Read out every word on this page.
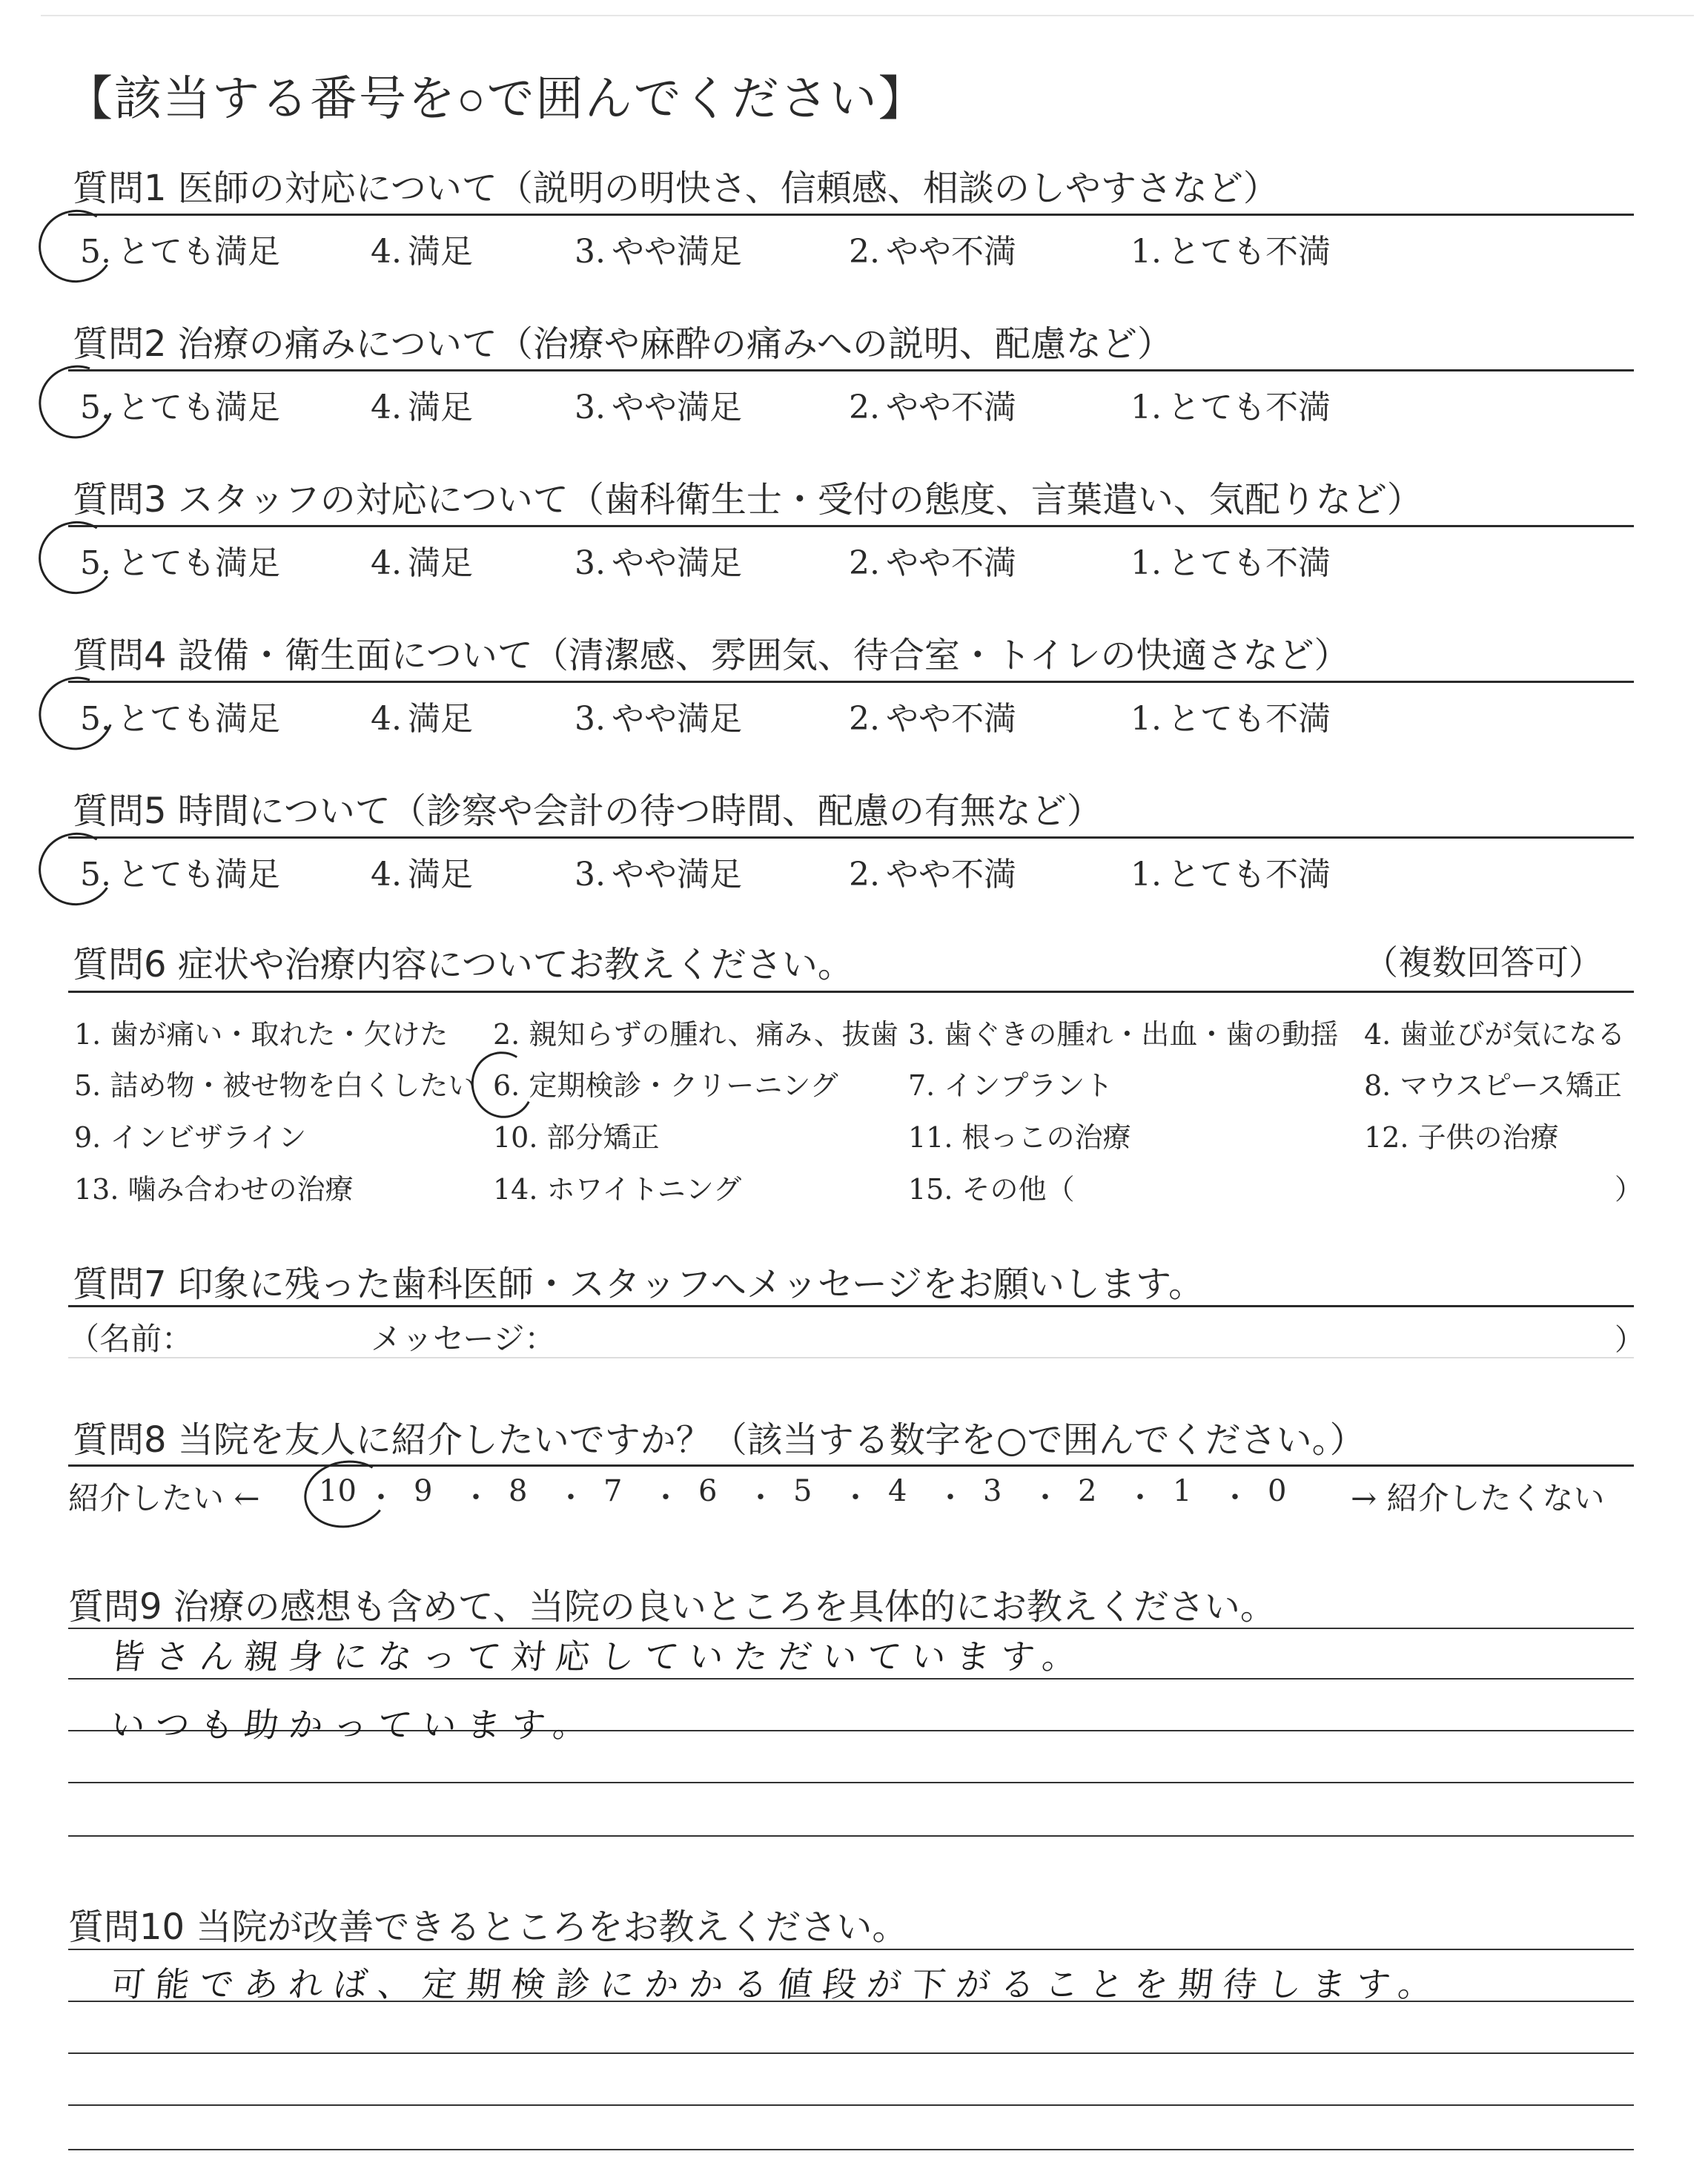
【該当する番号を○で囲んでください】
質問1 医師の対応について（説明の明快さ、信頼感、相談のしやすさなど）
5. とても満足	4. 満足	3. やや満足	2. やや不満	1. とても不満
質問2 治療の痛みについて（治療や麻酔の痛みへの説明、配慮など）
5. とても満足	4. 満足	3. やや満足	2. やや不満	1. とても不満
質問3 スタッフの対応について（歯科衛生士・受付の態度、言葉遣い、気配りなど）
5. とても満足	4. 満足	3. やや満足	2. やや不満	1. とても不満
質問4 設備・衛生面について（清潔感、雰囲気、待合室・トイレの快適さなど）
5. とても満足	4. 満足	3. やや満足	2. やや不満	1. とても不満
質問5 時間について（診察や会計の待つ時間、配慮の有無など）
5. とても満足	4. 満足	3. やや満足	2. やや不満	1. とても不満
質問6 症状や治療内容についてお教えください。	（複数回答可）
1. 歯が痛い・取れた・欠けた 2. 親知らずの腫れ、痛み、抜歯 3. 歯ぐきの腫れ・出血・歯の動揺 4. 歯並びが気になる
5. 詰め物・被せ物を白くしたい 6. 定期検診・クリーニング 7. インプラント	8. マウスピース矯正
9. インビザライン	10. 部分矯正	11. 根っこの治療	12. 子供の治療
13. 噛み合わせの治療	14. ホワイトニング	15. その他（	）
質問7 印象に残った歯科医師・スタッフへメッセージをお願いします。
（名前：	メッセージ：	）
質問8 当院を友人に紹介したいですか？（該当する数字を○で囲んでください。）
紹介したい ← 10 ・ 9 ・ 8 ・ 7 ・ 6 ・ 5 ・ 4 ・ 3 ・ 2 ・ 1 ・ 0 → 紹介したくない
質問9 治療の感想も含めて、当院の良いところを具体的にお教えください。
皆さん親身になって対応していただいています。
いつも助かっています。
質問10 当院が改善できるところをお教えください。
可能であれば、定期検診にかかる値段が下がることを期待します。
